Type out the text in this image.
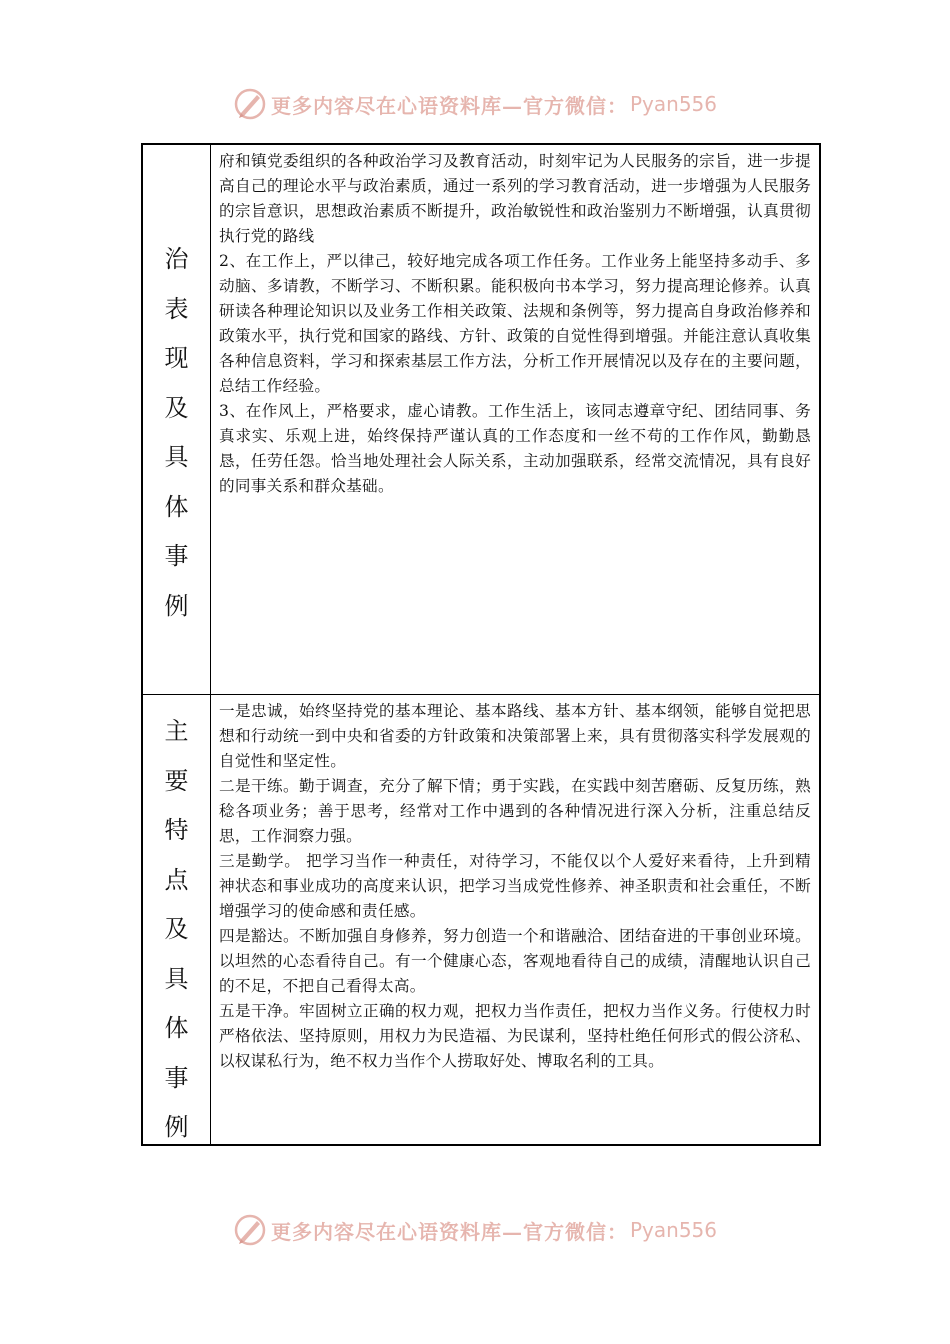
更多内容尽在心语资料库—官方微信： Pyan556
治
表
现
及
具
体
事
例

府和镇党委组织的各种政治学习及教育活动，时刻牢记为人民服务的宗旨，进一步提高自己的理论水平与政治素质，通过一系列的学习教育活动，进一步增强为人民服务的宗旨意识，思想政治素质不断提升，政治敏锐性和政治鉴别力不断增强，认真贯彻执行党的路线

2、在工作上，严以律己，较好地完成各项工作任务。工作业务上能坚持多动手、多动脑、多请教，不断学习、不断积累。能积极向书本学习，努力提高理论修养。认真研读各种理论知识以及业务工作相关政策、法规和条例等，努力提高自身政治修养和政策水平，执行党和国家的路线、方针、政策的自觉性得到增强。并能注意认真收集各种信息资料，学习和探索基层工作方法，分析工作开展情况以及存在的主要问题，总结工作经验。

3、在作风上，严格要求，虚心请教。工作生活上，该同志遵章守纪、团结同事、务真求实、乐观上进，始终保持严谨认真的工作态度和一丝不苟的工作作风，勤勤恳恳，任劳任怨。恰当地处理社会人际关系，主动加强联系，经常交流情况，具有良好的同事关系和群众基础。

主
要
特
点
及
具
体
事
例

一是忠诚，始终坚持党的基本理论、基本路线、基本方针、基本纲领，能够自觉把思想和行动统一到中央和省委的方针政策和决策部署上来，具有贯彻落实科学发展观的自觉性和坚定性。

二是干练。勤于调查，充分了解下情；勇于实践，在实践中刻苦磨砺、反复历练，熟稔各项业务；善于思考，经常对工作中遇到的各种情况进行深入分析，注重总结反思，工作洞察力强。

三是勤学。 把学习当作一种责任，对待学习，不能仅以个人爱好来看待，上升到精神状态和事业成功的高度来认识，把学习当成党性修养、神圣职责和社会重任，不断增强学习的使命感和责任感。

四是豁达。不断加强自身修养，努力创造一个和谐融洽、团结奋进的干事创业环境。以坦然的心态看待自己。有一个健康心态，客观地看待自己的成绩，清醒地认识自己的不足，不把自己看得太高。

五是干净。牢固树立正确的权力观，把权力当作责任，把权力当作义务。行使权力时严格依法、坚持原则，用权力为民造福、为民谋利，坚持杜绝任何形式的假公济私、以权谋私行为，绝不权力当作个人捞取好处、博取名利的工具。

更多内容尽在心语资料库—官方微信： Pyan556
